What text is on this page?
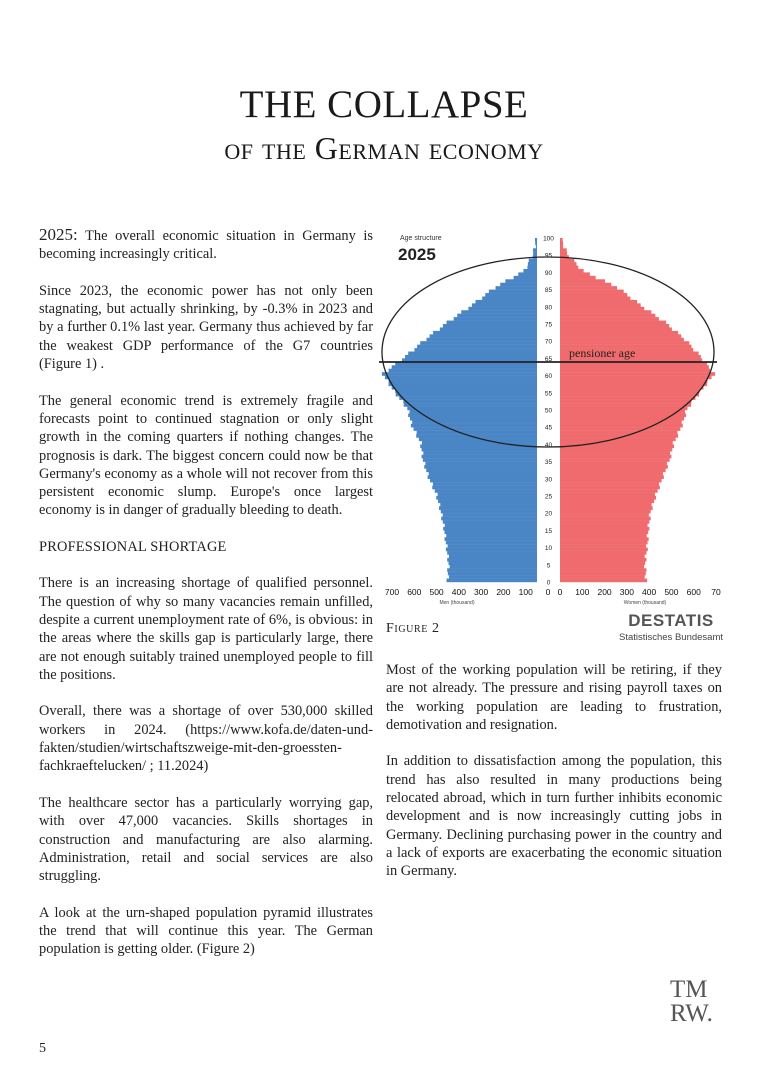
THE COLLAPSE
of the German economy

2025: The overall economic situation in Germany is becoming increasingly critical.

Since 2023, the economic power has not only been stagnating, but actually shrinking, by -0.3% in 2023 and by a further 0.1% last year. Germany thus achieved by far the weakest GDP performance of the G7 countries (Figure 1) .

The general economic trend is extremely fragile and forecasts point to continued stagnation or only slight growth in the coming quarters if nothing changes. The prognosis is dark. The biggest concern could now be that Germany's economy as a whole will not recover from this persistent economic slump. Europe's once largest economy is in danger of gradually bleeding to death.

PROFESSIONAL SHORTAGE

There is an increasing shortage of qualified personnel. The question of why so many vacancies remain unfilled, despite a current unemployment rate of 6%, is obvious: in the areas where the skills gap is particularly large, there are not enough suitably trained unemployed people to fill the positions.

Overall, there was a shortage of over 530,000 skilled workers in 2024. (https://www.kofa.de/daten-und-fakten/studien/wirtschaftszweige-mit-den-groessten-fachkraeftelucken/ ; 11.2024)

The healthcare sector has a particularly worrying gap, with over 47,000 vacancies. Skills shortages in construction and manufacturing are also alarming. Administration, retail and social services are also struggling.

A look at the urn-shaped population pyramid illustrates the trend that will continue this year. The German population is getting older. (Figure 2)

Age structure
2025
0
5
10
15
20
25
30
35
40
45
50
55
60
65
70
75
80
85
90
95
100
700 600 500 400 300 200 100 0 0 100 200 300 400 500 600 70
pensioner age
Men (thousand)	Women (thousand)
Figure 2	DESTATIS
Statistisches Bundesamt

Most of the working population will be retiring, if they are not already. The pressure and rising payroll taxes on the working population are leading to frustration, demotivation and resignation.

In addition to dissatisfaction among the population, this trend has also resulted in many productions being relocated abroad, which in turn further inhibits economic development and is now increasingly cutting jobs in Germany. Declining purchasing power in the country and a lack of exports are exacerbating the economic situation in Germany.

TM
RW.
5
